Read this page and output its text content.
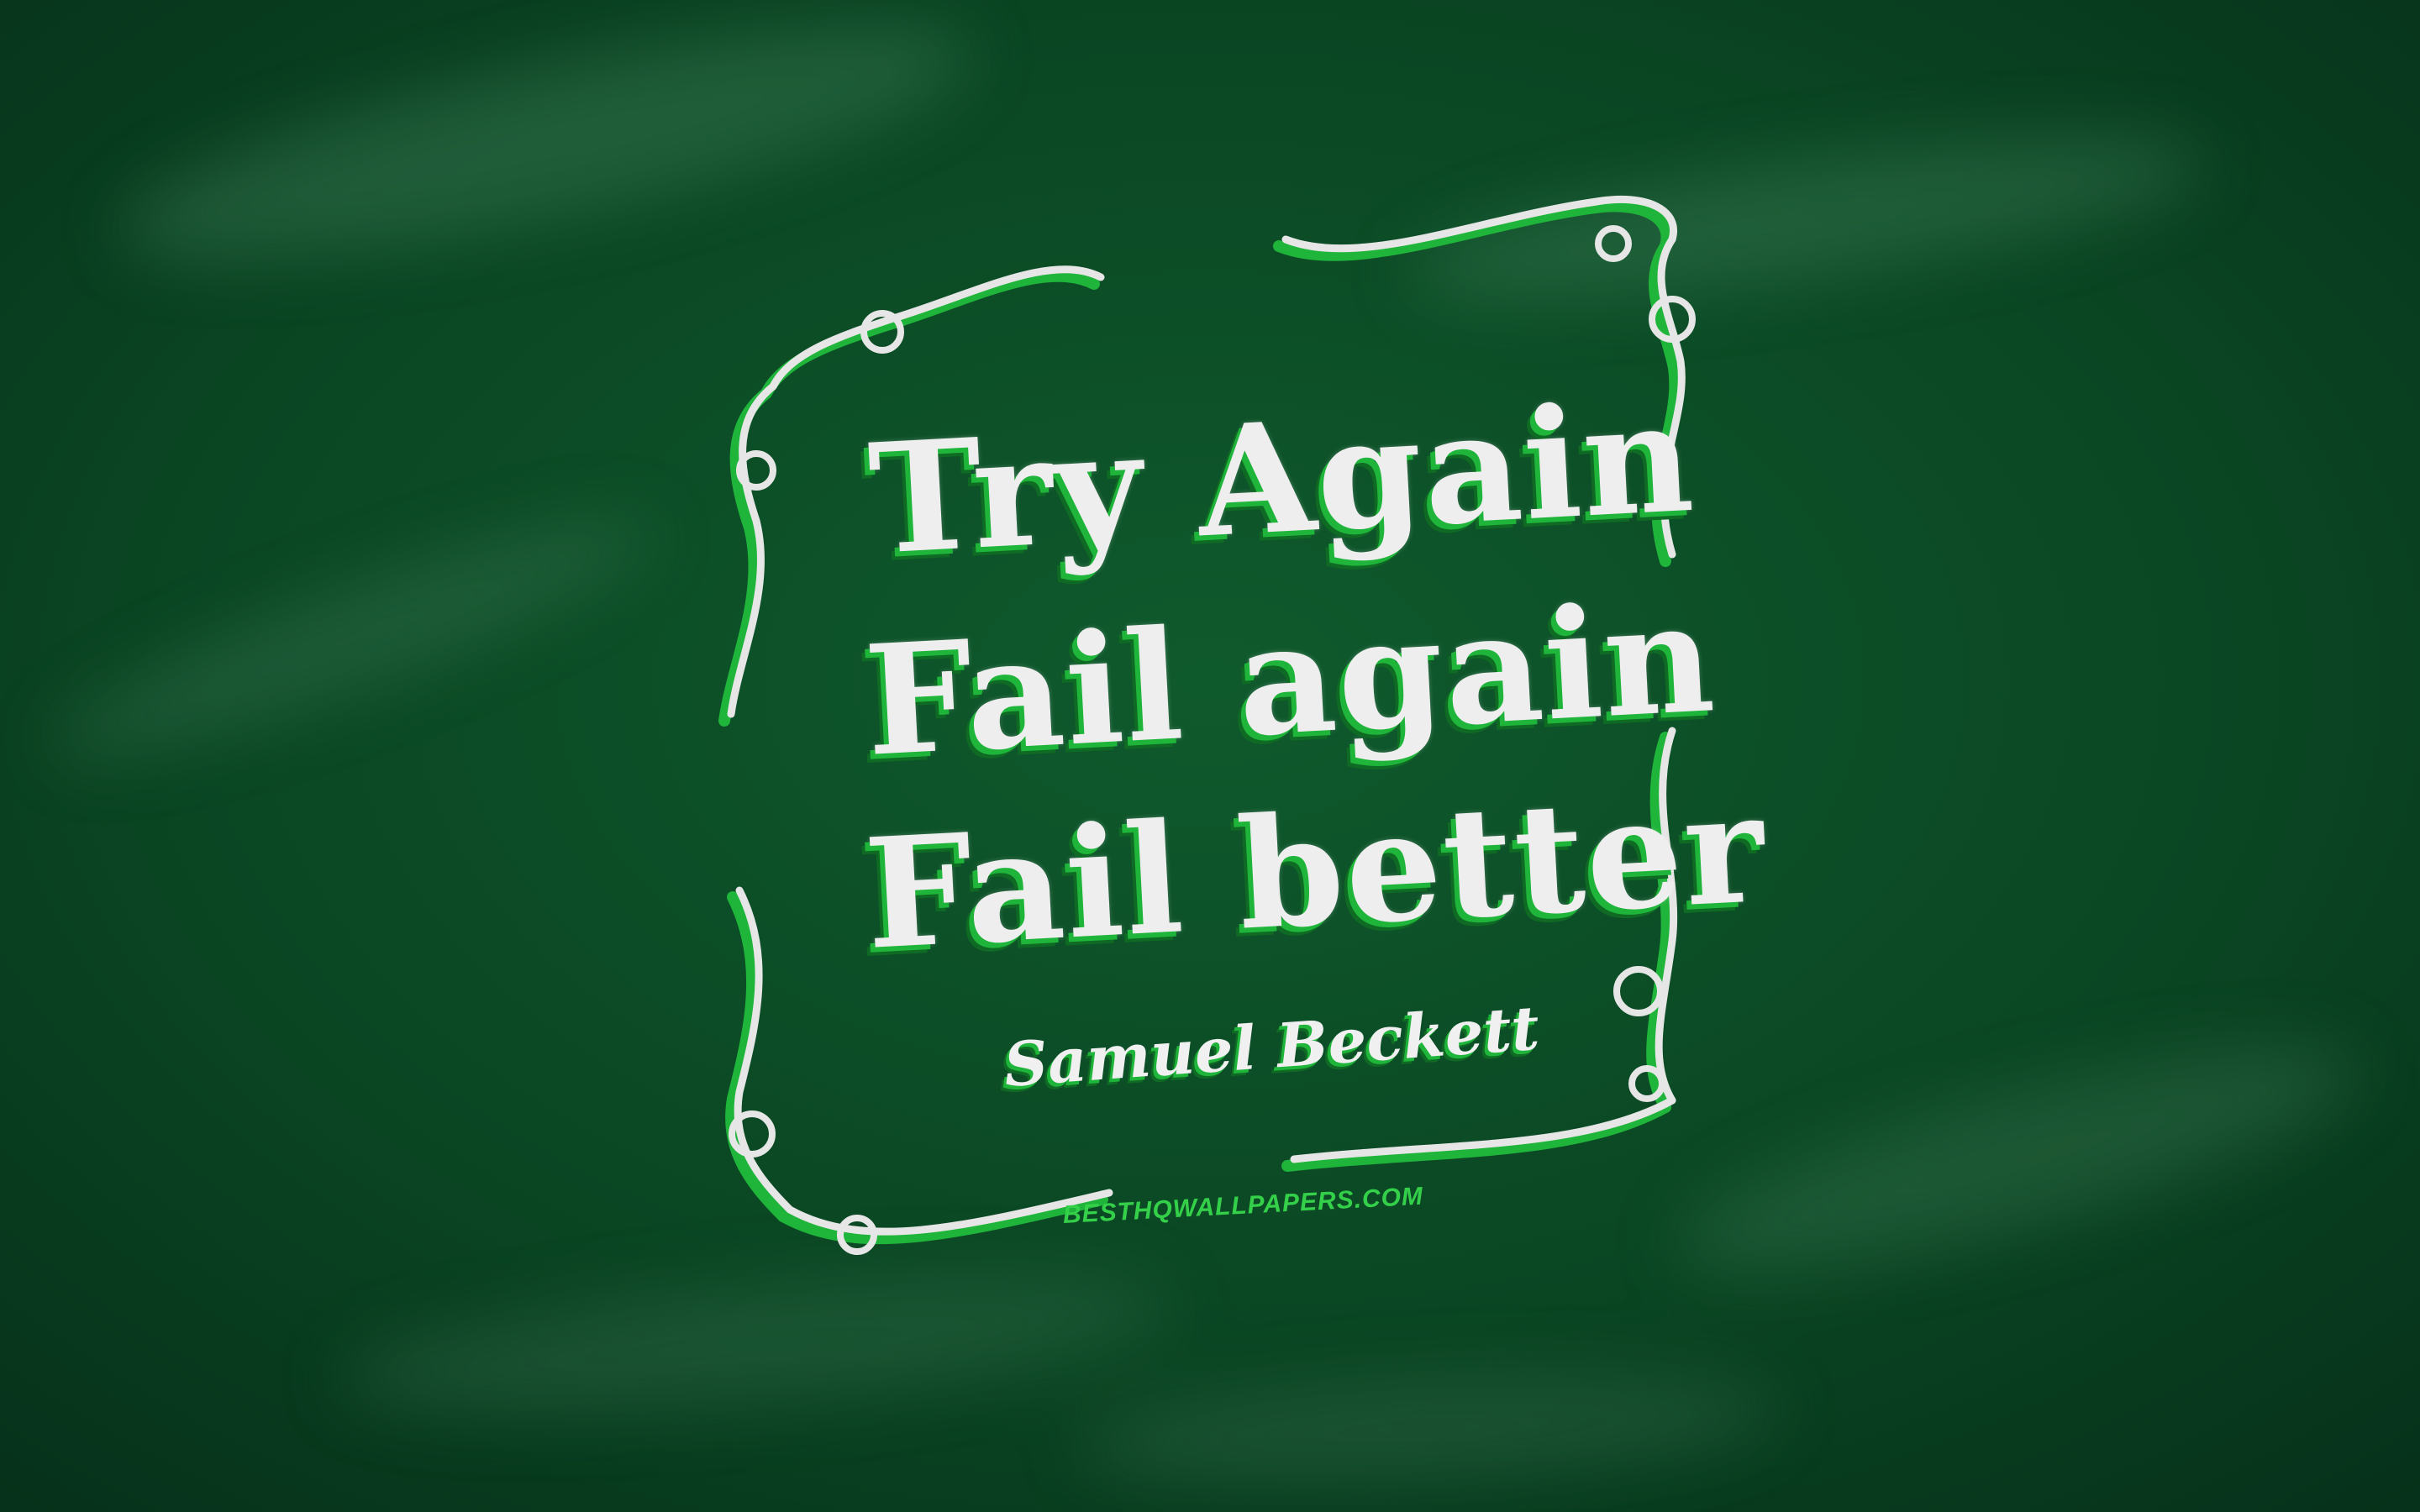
Try Again
Fail again
Fail better
Samuel Beckett
BESTHQWALLPAPERS.COM
